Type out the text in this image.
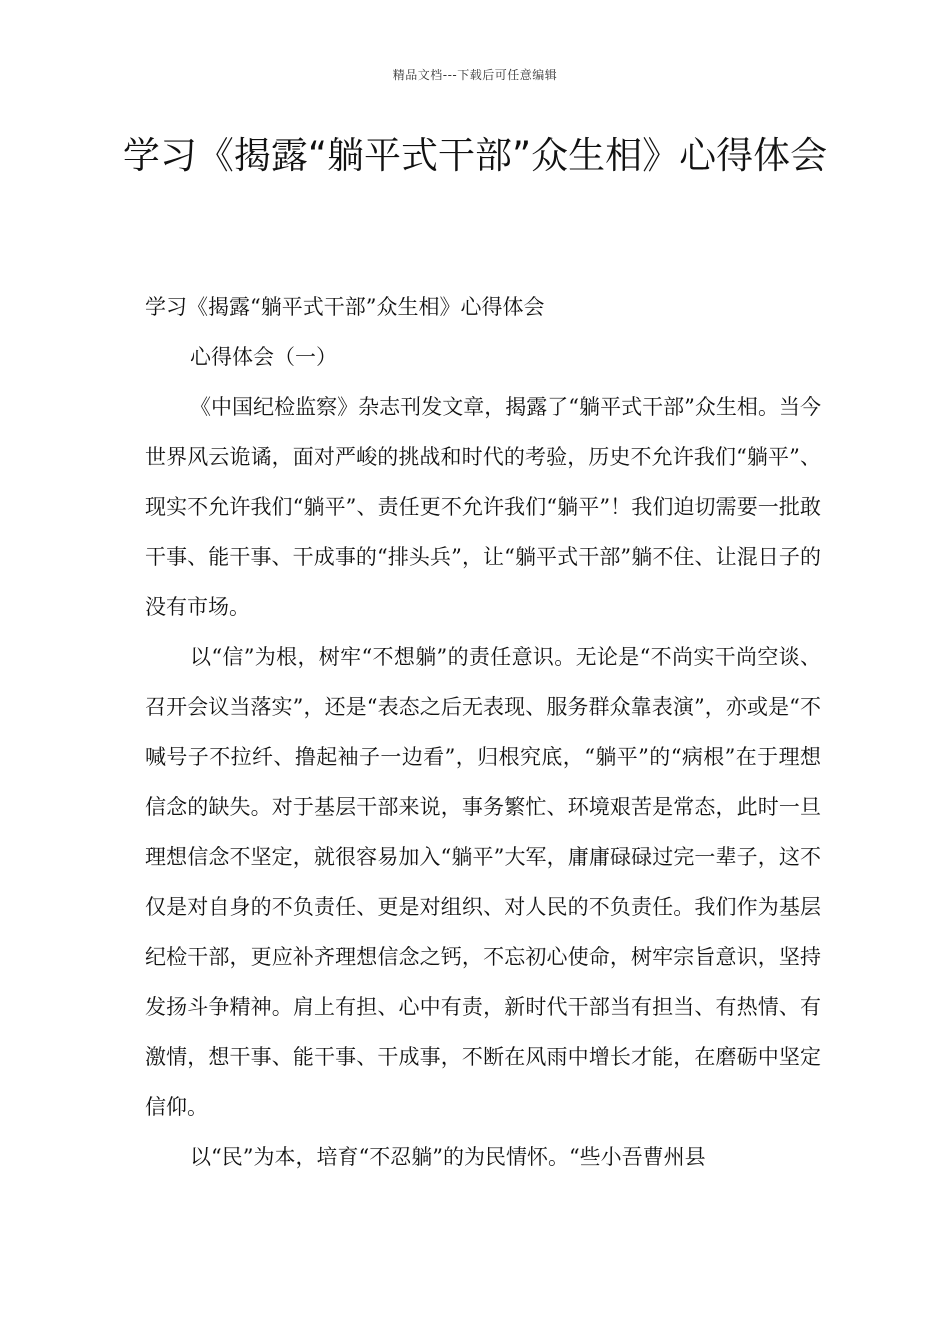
精品文档---下载后可任意编辑
学习《揭露“躺平式干部”众生相》心得体会

学习《揭露“躺平式干部”众生相》心得体会

心得体会（一）

《中国纪检监察》杂志刊发文章，揭露了“躺平式干部”众生相。当今世界风云诡谲，面对严峻的挑战和时代的考验，历史不允许我们“躺平”、现实不允许我们“躺平”、责任更不允许我们“躺平”！我们迫切需要一批敢干事、能干事、干成事的“排头兵”，让“躺平式干部”躺不住、让混日子的没有市场。

以“信”为根，树牢“不想躺”的责任意识。无论是“不尚实干尚空谈、召开会议当落实”，还是“表态之后无表现、服务群众靠表演”，亦或是“不喊号子不拉纤、撸起袖子一边看”，归根究底，“躺平”的“病根”在于理想信念的缺失。对于基层干部来说，事务繁忙、环境艰苦是常态，此时一旦理想信念不坚定，就很容易加入“躺平”大军，庸庸碌碌过完一辈子，这不仅是对自身的不负责任、更是对组织、对人民的不负责任。我们作为基层纪检干部，更应补齐理想信念之钙，不忘初心使命，树牢宗旨意识，坚持发扬斗争精神。肩上有担、心中有责，新时代干部当有担当、有热情、有激情，想干事、能干事、干成事，不断在风雨中增长才能，在磨砺中坚定信仰。

以“民”为本，培育“不忍躺”的为民情怀。“些小吾曹州县
